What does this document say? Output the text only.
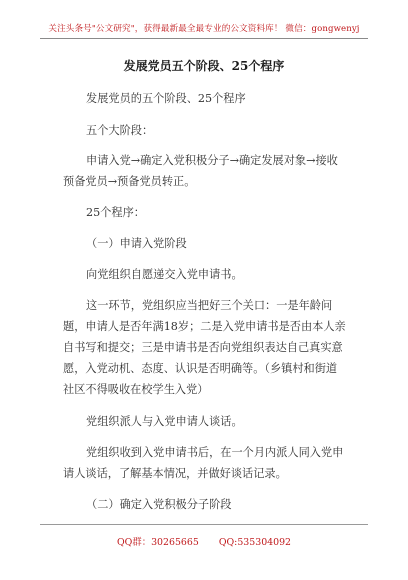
关注头条号"公文研究"，获得最新最全最专业的公文资料库！ 微信：gongwenyj
发展党员五个阶段、25个程序
发展党员的五个阶段、25个程序
五个大阶段：
申请入党→确定入党积极分子→确定发展对象→接收预备党员→预备党员转正。
25个程序：
（一）申请入党阶段
向党组织自愿递交入党申请书。
这一环节，党组织应当把好三个关口：一是年龄问题，申请人是否年满18岁；二是入党申请书是否由本人亲自书写和提交；三是申请书是否向党组织表达自己真实意愿，入党动机、态度、认识是否明确等。（乡镇村和街道社区不得吸收在校学生入党）
党组织派人与入党申请人谈话。
党组织收到入党申请书后，在一个月内派人同入党申请人谈话，了解基本情况，并做好谈话记录。
（二）确定入党积极分子阶段
QQ群：30265665 QQ:535304092
